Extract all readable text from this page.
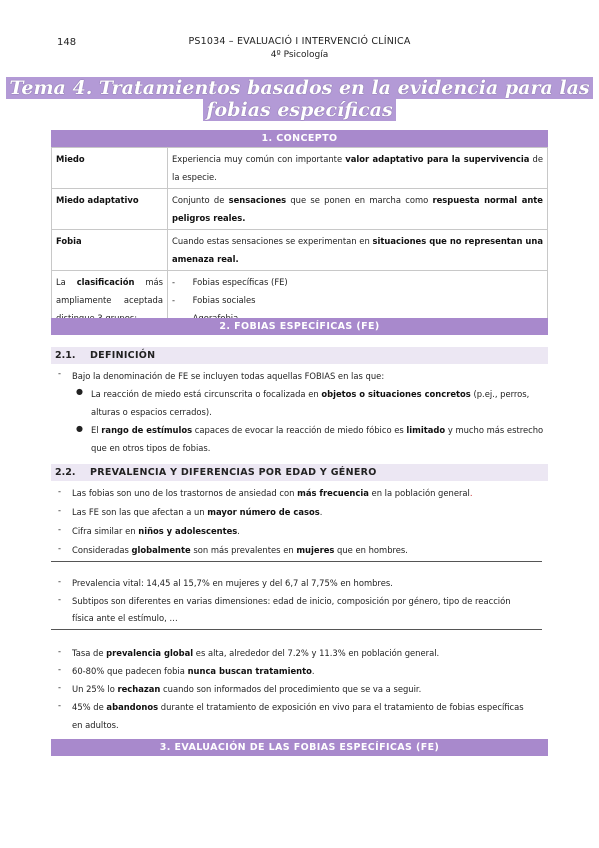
148	PS1034 – EVALUACIÓ I INTERVENCIÓ CLÍNICA
4º Psicología
Tema 4. Tratamientos basados en la evidencia para las
fobias específicas
1. CONCEPTO
Miedo	Experiencia muy común con importante valor adaptativo para la supervivencia de la especie.
Miedo adaptativo	Conjunto de sensaciones que se ponen en marcha como respuesta normal ante peligros reales.
Fobia	Cuando estas sensaciones se experimentan en situaciones que no representan una amenaza real.
La clasificación más ampliamente aceptada	- Fobias específicas (FE)
- Fobias sociales

2. FOBIAS ESPECÍFICAS (FE)
2.1. DEFINICIÓN
- Bajo la denominación de FE se incluyen todas aquellas FOBIAS en las que:
● La reacción de miedo está circunscrita o focalizada en objetos o situaciones concretos (p.ej., perros,
alturas o espacios cerrados).
● El rango de estímulos capaces de evocar la reacción de miedo fóbico es limitado y mucho más estrecho
que en otros tipos de fobias.
2.2. PREVALENCIA Y DIFERENCIAS POR EDAD Y GÉNERO
- Las fobias son uno de los trastornos de ansiedad con más frecuencia en la población general.
- Las FE son las que afectan a un mayor número de casos.
- Cifra similar en niños y adolescentes.
- Consideradas globalmente son más prevalentes en mujeres que en hombres.
- Prevalencia vital: 14,45 al 15,7% en mujeres y del 6,7 al 7,75% en hombres.
- Subtipos son diferentes en varias dimensiones: edad de inicio, composición por género, tipo de reacción
física ante el estímulo, …
- Tasa de prevalencia global es alta, alrededor del 7.2% y 11.3% en población general.
- 60-80% que padecen fobia nunca buscan tratamiento.
- Un 25% lo rechazan cuando son informados del procedimiento que se va a seguir.
- 45% de abandonos durante el tratamiento de exposición en vivo para el tratamiento de fobias específicas
en adultos.
3. EVALUACIÓN DE LAS FOBIAS ESPECÍFICAS (FE)
